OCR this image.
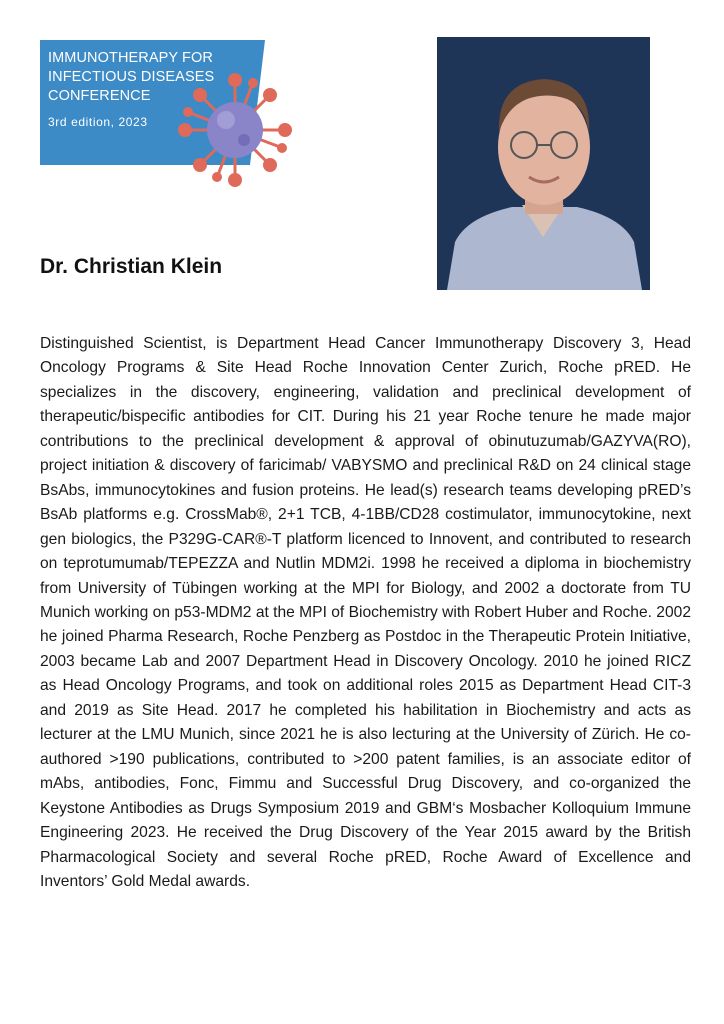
IMMUNOTHERAPY FOR
INFECTIOUS DISEASES
CONFERENCE
3rd edition, 2023
Dr. Christian Klein

Distinguished Scientist, is Department Head Cancer Immunotherapy Discovery 3, Head Oncology Programs & Site Head Roche Innovation Center Zurich, Roche pRED. He specializes in the discovery, engineering, validation and preclinical development of therapeutic/bispecific antibodies for CIT. During his 21 year Roche tenure he made major contributions to the preclinical development & approval of obinutuzumab/GAZYVA(RO), project initiation & discovery of faricimab/ VABYSMO and preclinical R&D on 24 clinical stage BsAbs, immunocytokines and fusion proteins. He lead(s) research teams developing pRED’s BsAb platforms e.g. CrossMab®, 2+1 TCB, 4-1BB/CD28 costimulator, immunocytokine, next gen biologics, the P329G-CAR®-T platform licenced to Innovent, and contributed to research on teprotumumab/TEPEZZA and Nutlin MDM2i. 1998 he received a diploma in biochemistry from University of Tübingen working at the MPI for Biology, and 2002 a doctorate from TU Munich working on p53-MDM2 at the MPI of Biochemistry with Robert Huber and Roche. 2002 he joined Pharma Research, Roche Penzberg as Postdoc in the Therapeutic Protein Initiative, 2003 became Lab and 2007 Department Head in Discovery Oncology. 2010 he joined RICZ as Head Oncology Programs, and took on additional roles 2015 as Department Head CIT-3 and 2019 as Site Head. 2017 he completed his habilitation in Biochemistry and acts as lecturer at the LMU Munich, since 2021 he is also lecturing at the University of Zürich. He co-authored >190 publications, contributed to >200 patent families, is an associate editor of mAbs, antibodies, Fonc, Fimmu and Successful Drug Discovery, and co-organized the Keystone Antibodies as Drugs Symposium 2019 and GBM‘s Mosbacher Kolloquium Immune Engineering 2023. He received the Drug Discovery of the Year 2015 award by the British Pharmacological Society and several Roche pRED, Roche Award of Excellence and Inventors’ Gold Medal awards.
